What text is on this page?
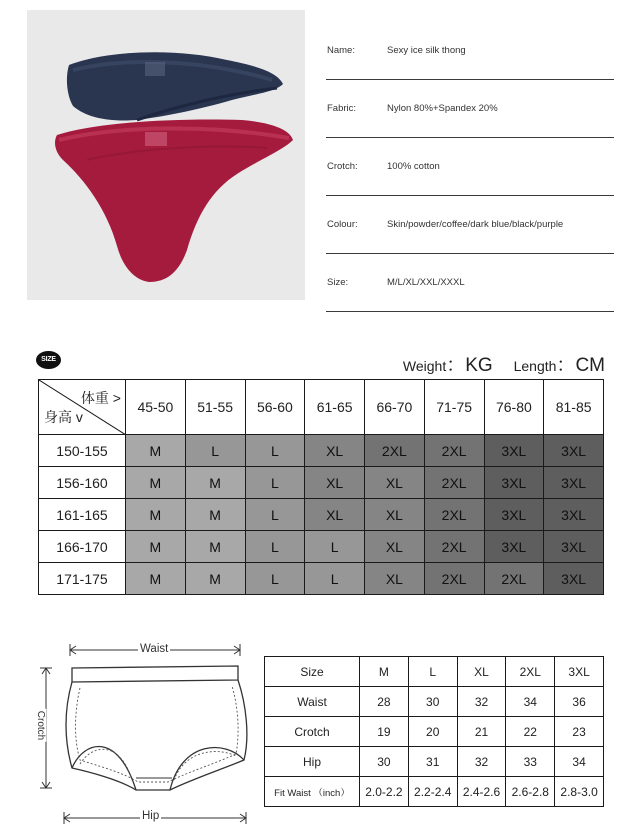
Name:	Sexy ice silk thong
Fabric:	Nylon 80%+Spandex 20%
Crotch:	100% cotton
Colour:	Skin/powder/coffee/dark blue/black/purple
Size:	M/L/XL/XXL/XXXL
SIZE	Weight：KG Length：CM
体重 >
身高 v	45-50	51-55	56-60	61-65	66-70	71-75	76-80	81-85
150-155	M	L	L	XL	2XL	2XL	3XL	3XL
156-160	M	M	L	XL	XL	2XL	3XL	3XL
161-165	M	M	L	XL	XL	2XL	3XL	3XL
166-170	M	M	L	L	XL	2XL	3XL	3XL
171-175	M	M	L	L	XL	2XL	2XL	3XL
Waist
Crotch
Hip
Size	M	L	XL	2XL	3XL
Waist	28	30	32	34	36
Crotch	19	20	21	22	23
Hip	30	31	32	33	34
Fit Waist （inch）	2.0-2.2	2.2-2.4	2.4-2.6	2.6-2.8	2.8-3.0
